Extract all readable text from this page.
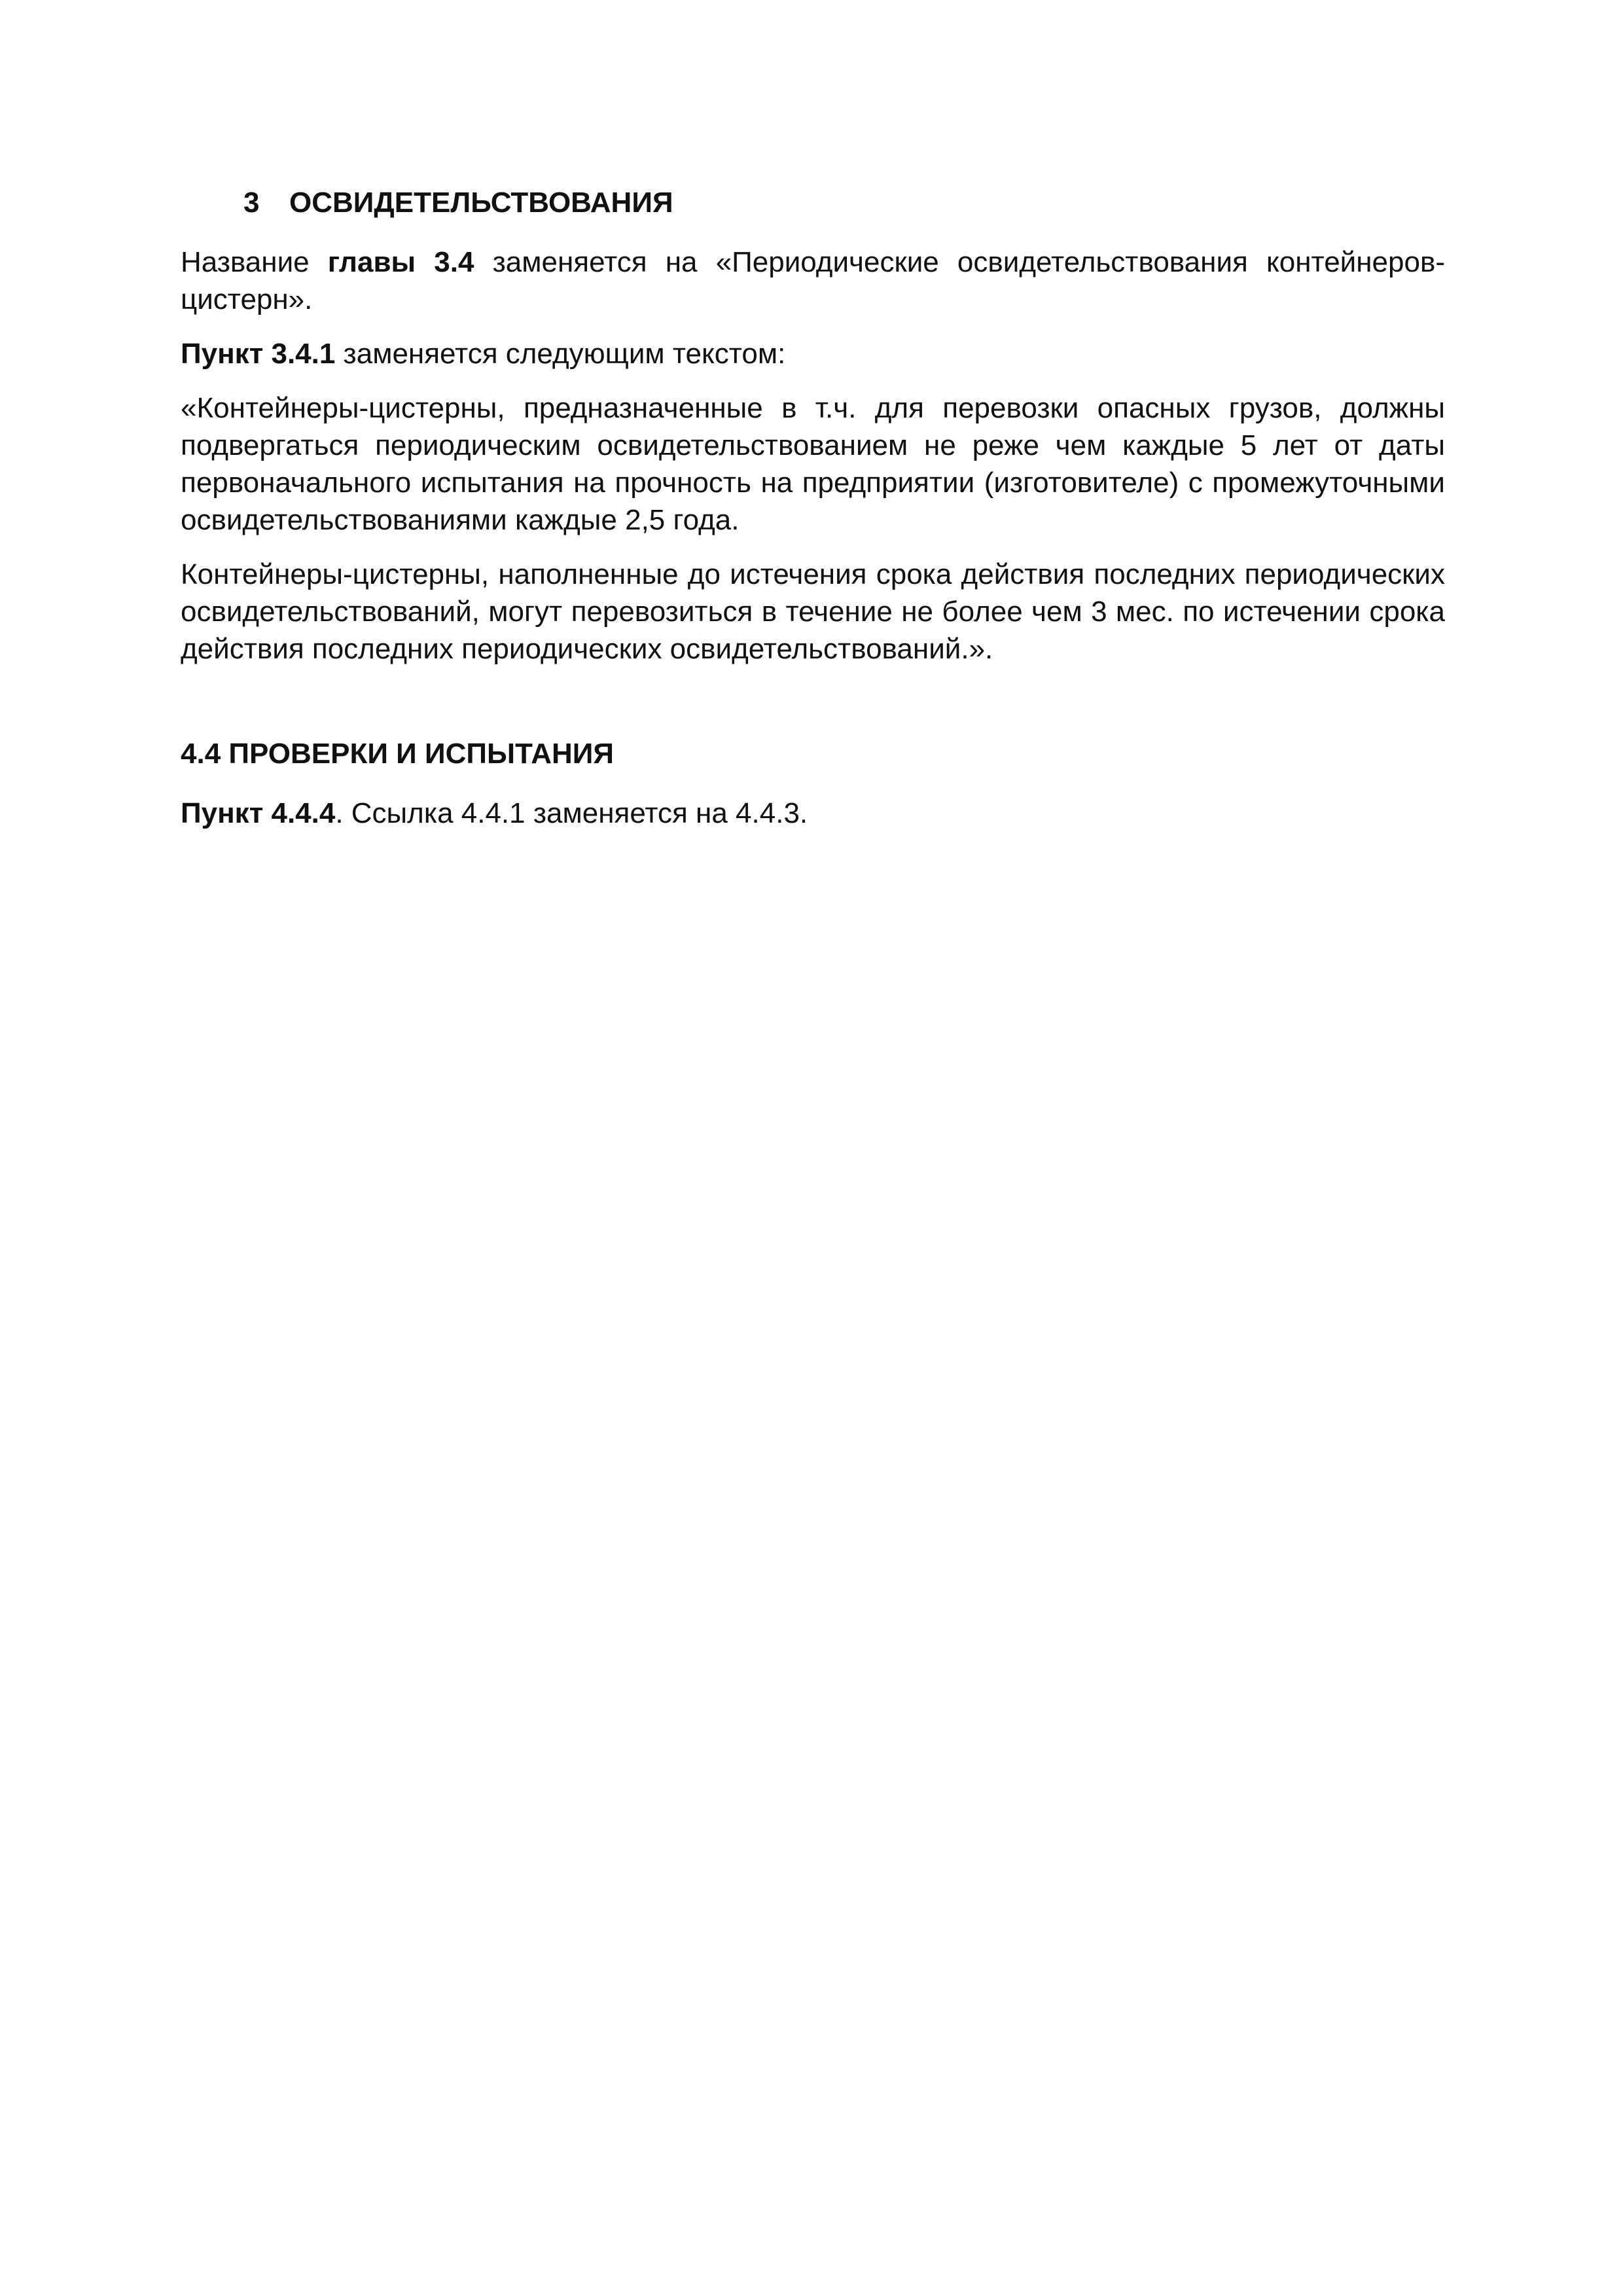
3 ОСВИДЕТЕЛЬСТВОВАНИЯ

Название главы 3.4 заменяется на «Периодические освидетельствования контейнеров-цистерн».

Пункт 3.4.1 заменяется следующим текстом:

«Контейнеры-цистерны, предназначенные в т.ч. для перевозки опасных грузов, должны подвергаться периодическим освидетельствованием не реже чем каждые 5 лет от даты первоначального испытания на прочность на предприятии (изготовителе) с промежуточными освидетельствованиями каждые 2,5 года.

Контейнеры-цистерны, наполненные до истечения срока действия последних периодических освидетельствований, могут перевозиться в течение не более чем 3 мес. по истечении срока действия последних периодических освидетельствований.».

4.4 ПРОВЕРКИ И ИСПЫТАНИЯ

Пункт 4.4.4. Ссылка 4.4.1 заменяется на 4.4.3.
